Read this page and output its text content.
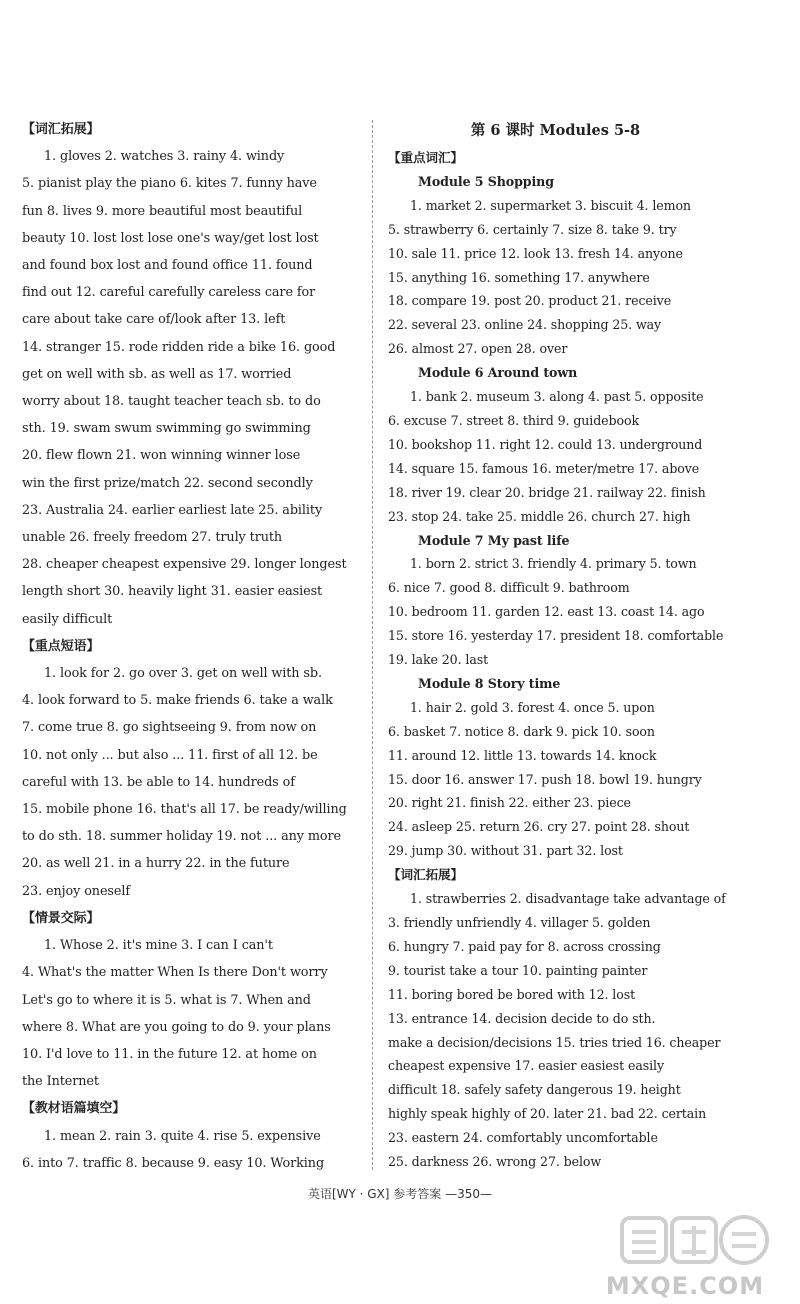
【词汇拓展】
1. gloves 2. watches 3. rainy 4. windy
5. pianist play the piano 6. kites 7. funny have
fun 8. lives 9. more beautiful most beautiful
beauty 10. lost lost lose one's way/get lost lost
and found box lost and found office 11. found
find out 12. careful carefully careless care for
care about take care of/look after 13. left
14. stranger 15. rode ridden ride a bike 16. good
get on well with sb. as well as 17. worried
worry about 18. taught teacher teach sb. to do
sth. 19. swam swum swimming go swimming
20. flew flown 21. won winning winner lose
win the first prize/match 22. second secondly
23. Australia 24. earlier earliest late 25. ability
unable 26. freely freedom 27. truly truth
28. cheaper cheapest expensive 29. longer longest
length short 30. heavily light 31. easier easiest
easily difficult
【重点短语】
1. look for 2. go over 3. get on well with sb.
4. look forward to 5. make friends 6. take a walk
7. come true 8. go sightseeing 9. from now on
10. not only ... but also ... 11. first of all 12. be
careful with 13. be able to 14. hundreds of
15. mobile phone 16. that's all 17. be ready/willing
to do sth. 18. summer holiday 19. not ... any more
20. as well 21. in a hurry 22. in the future
23. enjoy oneself
【情景交际】
1. Whose 2. it's mine 3. I can I can't
4. What's the matter When Is there Don't worry
Let's go to where it is 5. what is 7. When and
where 8. What are you going to do 9. your plans
10. I'd love to 11. in the future 12. at home on
the Internet
【教材语篇填空】
1. mean 2. rain 3. quite 4. rise 5. expensive
6. into 7. traffic 8. because 9. easy 10. Working
第 6 课时 Modules 5-8
【重点词汇】
Module 5 Shopping
1. market 2. supermarket 3. biscuit 4. lemon
5. strawberry 6. certainly 7. size 8. take 9. try
10. sale 11. price 12. look 13. fresh 14. anyone
15. anything 16. something 17. anywhere
18. compare 19. post 20. product 21. receive
22. several 23. online 24. shopping 25. way
26. almost 27. open 28. over
Module 6 Around town
1. bank 2. museum 3. along 4. past 5. opposite
6. excuse 7. street 8. third 9. guidebook
10. bookshop 11. right 12. could 13. underground
14. square 15. famous 16. meter/metre 17. above
18. river 19. clear 20. bridge 21. railway 22. finish
23. stop 24. take 25. middle 26. church 27. high
Module 7 My past life
1. born 2. strict 3. friendly 4. primary 5. town
6. nice 7. good 8. difficult 9. bathroom
10. bedroom 11. garden 12. east 13. coast 14. ago
15. store 16. yesterday 17. president 18. comfortable
19. lake 20. last
Module 8 Story time
1. hair 2. gold 3. forest 4. once 5. upon
6. basket 7. notice 8. dark 9. pick 10. soon
11. around 12. little 13. towards 14. knock
15. door 16. answer 17. push 18. bowl 19. hungry
20. right 21. finish 22. either 23. piece
24. asleep 25. return 26. cry 27. point 28. shout
29. jump 30. without 31. part 32. lost
【词汇拓展】
1. strawberries 2. disadvantage take advantage of
3. friendly unfriendly 4. villager 5. golden
6. hungry 7. paid pay for 8. across crossing
9. tourist take a tour 10. painting painter
11. boring bored be bored with 12. lost
13. entrance 14. decision decide to do sth.
make a decision/decisions 15. tries tried 16. cheaper
cheapest expensive 17. easier easiest easily
difficult 18. safely safety dangerous 19. height
highly speak highly of 20. later 21. bad 22. certain
23. eastern 24. comfortably uncomfortable
25. darkness 26. wrong 27. below
英语[WY · GX] 参考答案 —350—
MXQE.COM
